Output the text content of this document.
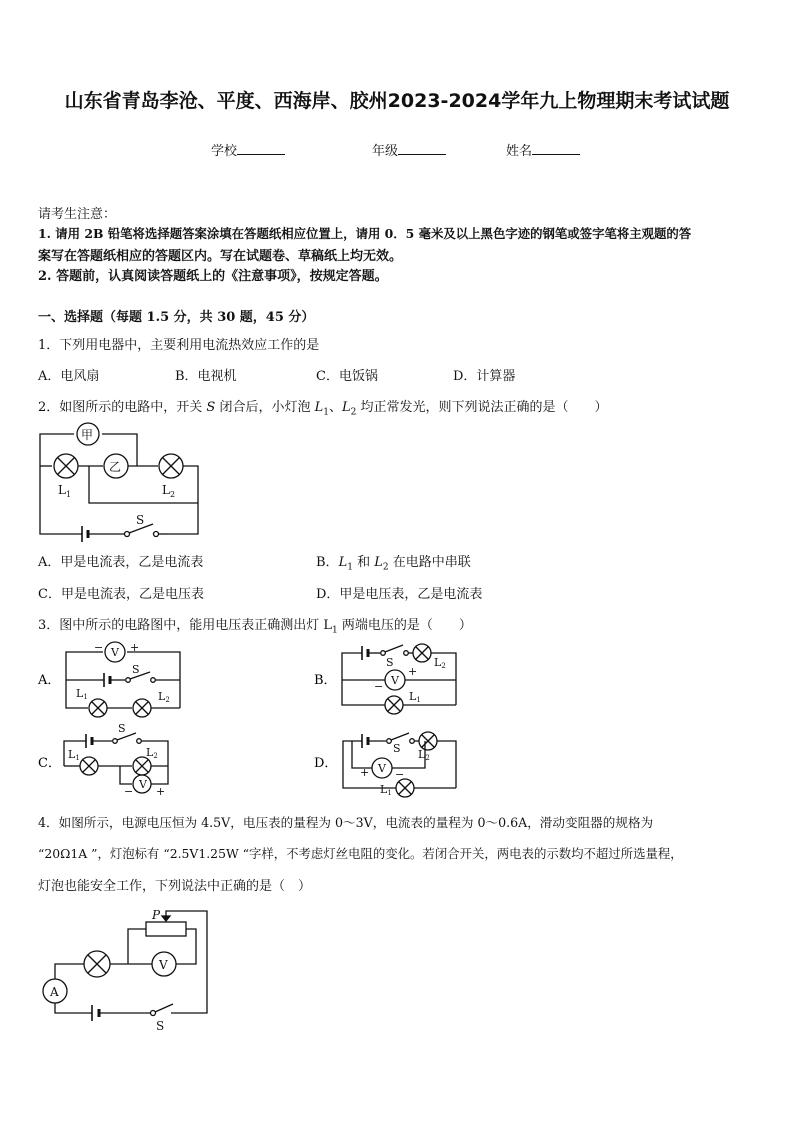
山东省青岛李沧、平度、西海岸、胶州2023-2024学年九上物理期末考试试题
学校	年级	姓名
请考生注意：
1. 请用 2B 铅笔将选择题答案涂填在答题纸相应位置上，请用 0．5 毫米及以上黑色字迹的钢笔或签字笔将主观题的答
案写在答题纸相应的答题区内。写在试题卷、草稿纸上均无效。
2. 答题前，认真阅读答题纸上的《注意事项》，按规定答题。
一、选择题（每题 1.5 分，共 30 题，45 分）
1．下列用电器中，主要利用电流热效应工作的是
A．电风扇	B．电视机	C．电饭锅	D．计算器
2．如图所示的电路中，开关 S 闭合后，小灯泡 $L_1$、$L_2$ 均正常发光，则下列说法正确的是（　　）
甲
乙
$L_1$	$L_2$
S
V
− +
S
L1	L2
A．	V
−
+
S	L2
L1
B．
V
− +
S
L1	L2
C．	V
+ −
S L2
L1
D．
P
V
A
S
A．甲是电流表，乙是电流表	B．$L_1$ 和 $L_2$ 在电路中串联
C．甲是电流表，乙是电压表	D．甲是电压表，乙是电流表
3．图中所示的电路图中，能用电压表正确测出灯 $L_1$ 两端电压的是（　　）
4．如图所示，电源电压恒为 4.5V，电压表的量程为 0～3V，电流表的量程为 0～0.6A，滑动变阻器的规格为
“20Ω1A ”，灯泡标有 “2.5V1.25W “字样，不考虑灯丝电阻的变化。若闭合开关，两电表的示数均不超过所选量程，
灯泡也能安全工作，下列说法中正确的是（　）
